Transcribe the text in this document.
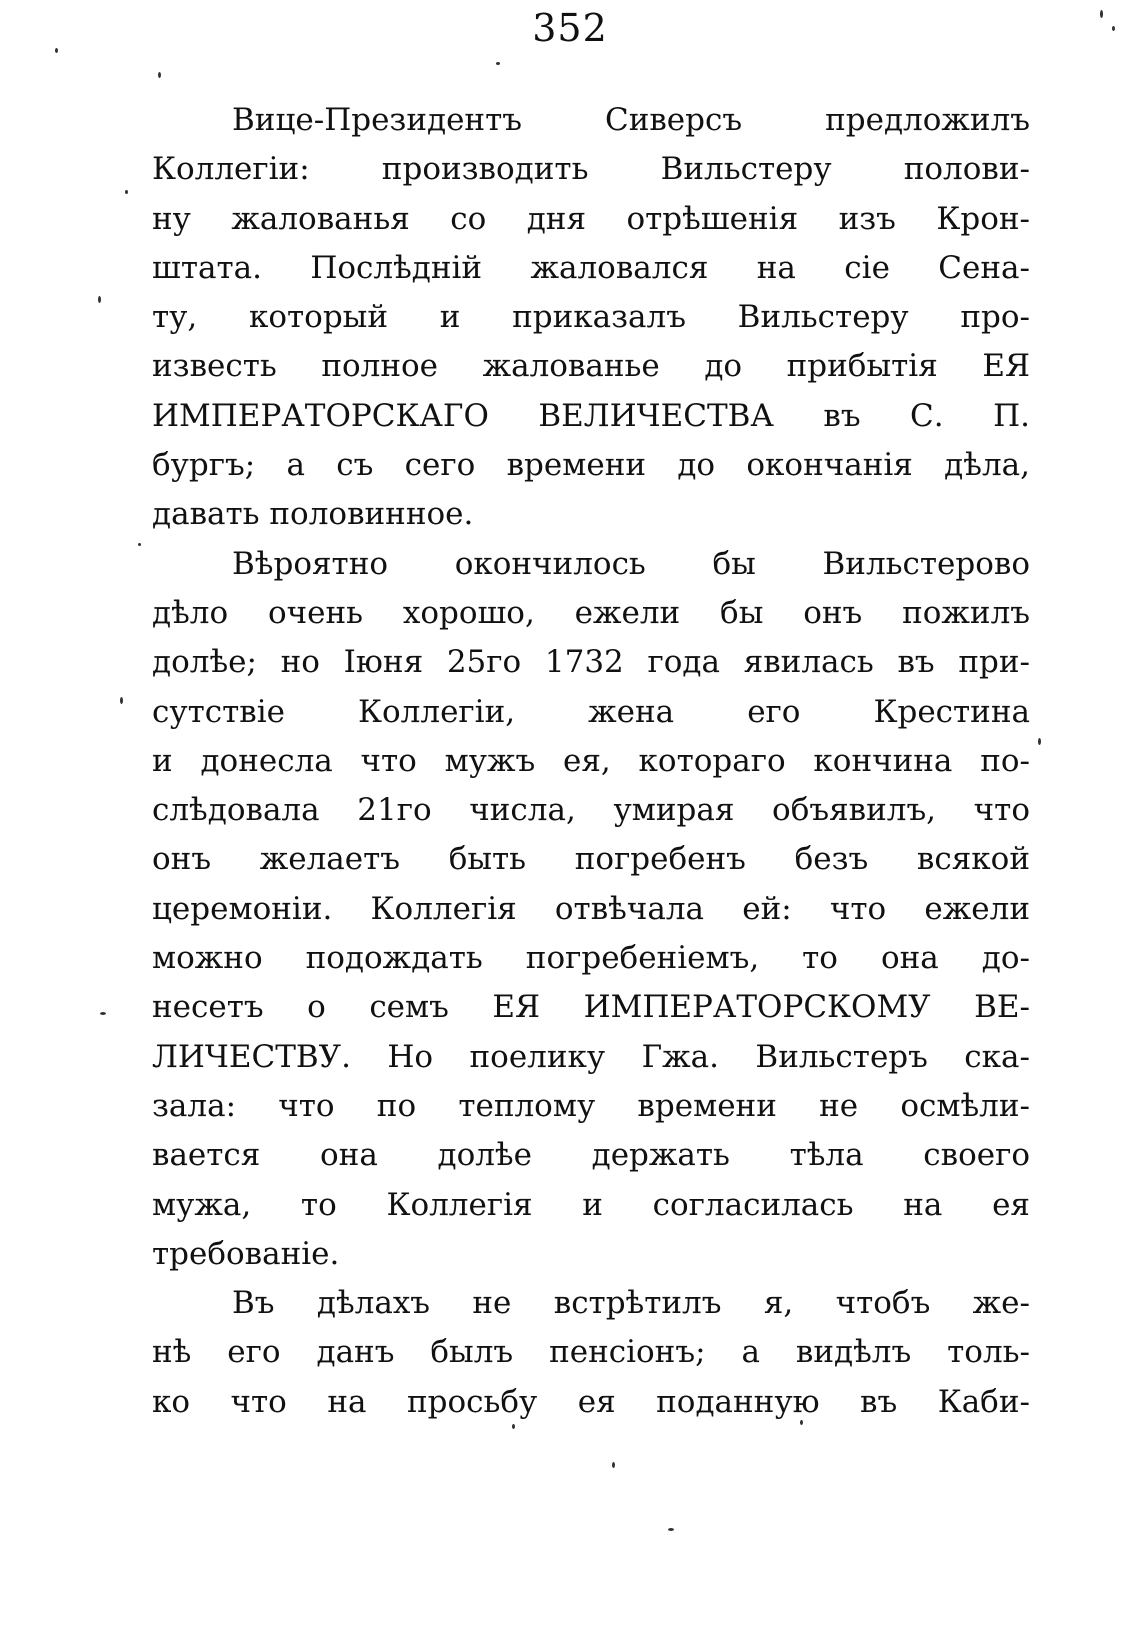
352
Вице-Президентъ Сиверсъ предложилъ
Коллегіи: производить Вильстеру полови-
ну жалованья со дня отрѣшенія изъ Крон-
штата. Послѣдній жаловался на сіе Сена-
ту, который и приказалъ Вильстеру про-
известь полное жалованье до прибытія ЕЯ
ИМПЕРАТОРСКАГО ВЕЛИЧЕСТВА въ С. П.
бургъ; а съ сего времени до окончанія дѣла,
давать половинное.
Вѣроятно окончилось бы Вильстерово
дѣло очень хорошо, ежели бы онъ пожилъ
долѣе; но Іюня 25го 1732 года явилась въ при-
сутствіе Коллегіи, жена его Крестина
и донесла что мужъ ея, котораго кончина по-
слѣдовала 21го числа, умирая объявилъ, что
онъ желаетъ быть погребенъ безъ всякой
церемоніи. Коллегія отвѣчала ей: что ежели
можно подождать погребеніемъ, то она до-
несетъ о семъ ЕЯ ИМПЕРАТОРСКОМУ ВЕ-
ЛИЧЕСТВУ. Но поелику Гжа. Вильстеръ ска-
зала: что по теплому времени не осмѣли-
вается она долѣе держать тѣла своего
мужа, то Коллегія и согласилась на ея
требованіе.
Въ дѣлахъ не встрѣтилъ я, чтобъ же-
нѣ его данъ былъ пенсіонъ; а видѣлъ толь-
ко что на просьбу ея поданную въ Каби-
